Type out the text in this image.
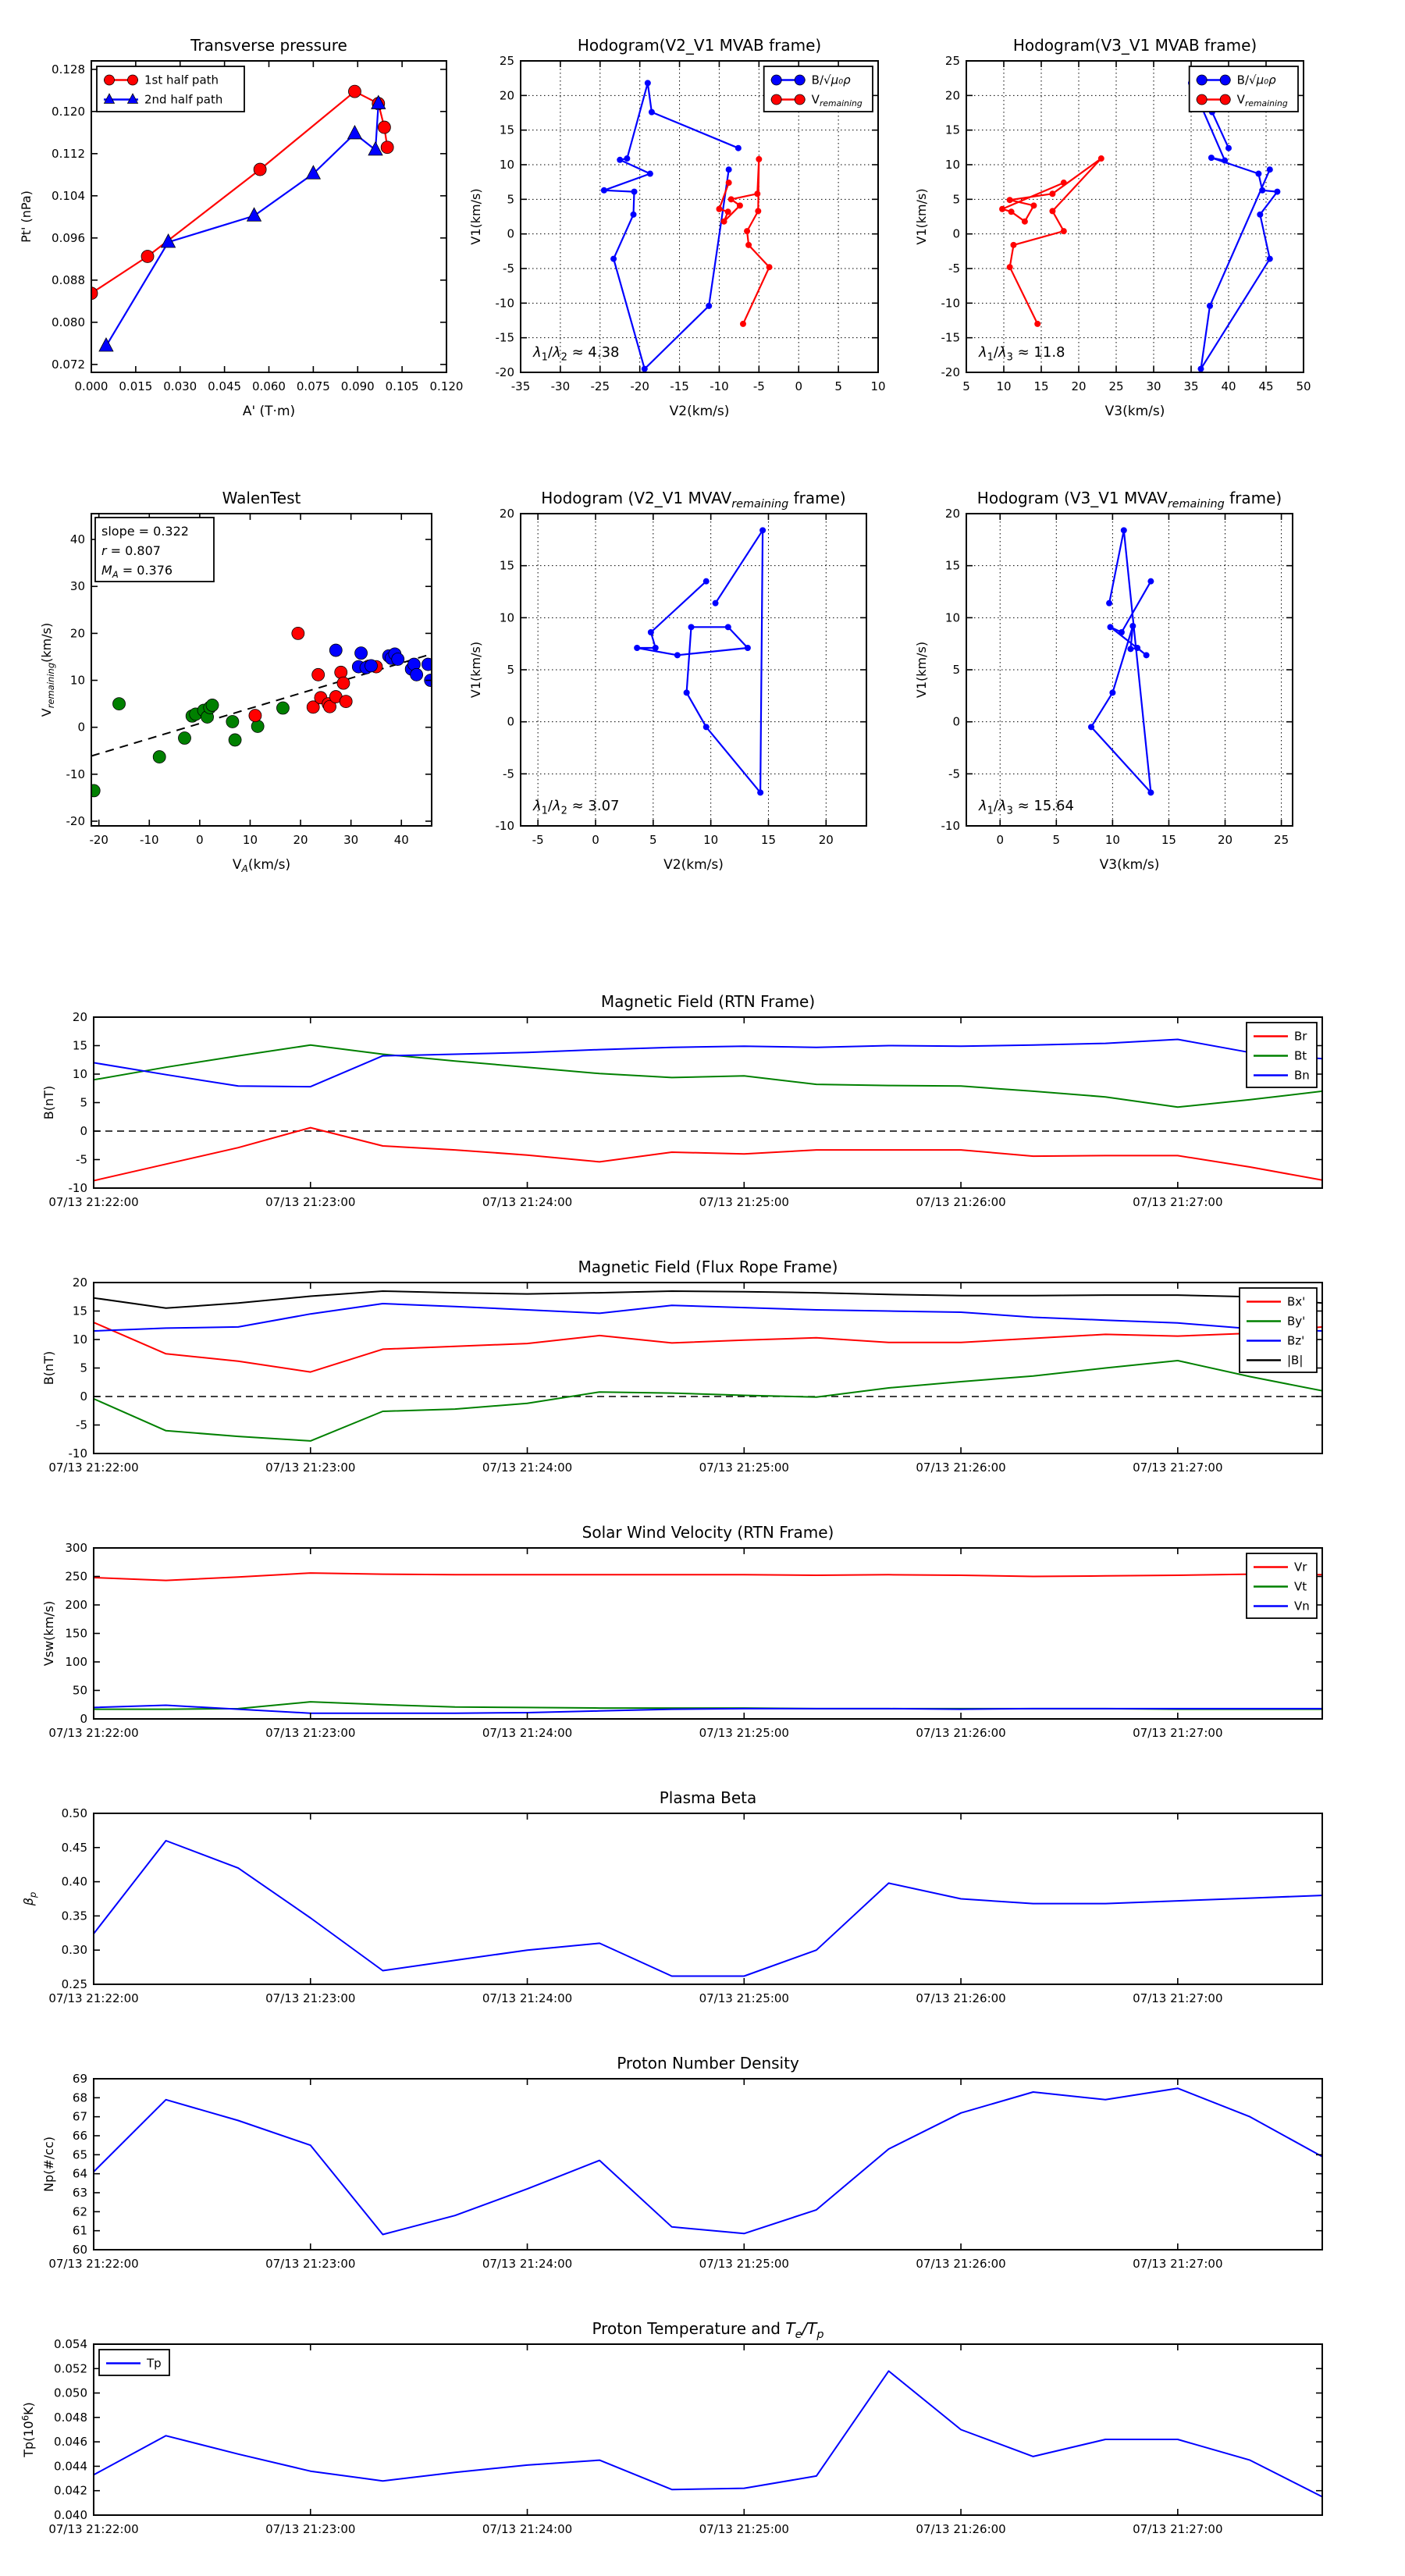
0.000 0.015 0.030 0.045 0.060 0.075 0.090 0.105 0.120
0.072
0.080
0.088
0.096
0.104
0.112
0.120
0.128
Transverse pressure
A' (T·m)
Pt' (nPa)
1st half path
2nd half path
-35 -30 -25 -20 -15 -10 -5	0	5 10
-20
-15
-10
-5
0
5
10
15
20
25
Hodogram(V2_V1 MVAB frame)
V2(km/s)
V1(km/s)
$\lambda_1/\lambda_2 \approx 4.38$
B/√μ₀ρ
$V_{remaining}$
5 10 15 20 25 30 35 40 45 50
-20
-15
-10
-5
0
5
10
15
20
25
Hodogram(V3_V1 MVAB frame)
V3(km/s)
V1(km/s)
$\lambda_1/\lambda_3 \approx 11.8$
B/√μ₀ρ
$V_{remaining}$
-20	-10	0	10	20	30	40
-20
-10
0
10
20
30
40
WalenTest
$V_A(km/s)$
$V_{remaining}(km/s)$
slope = 0.322
r = 0.807
$M_A = 0.376$
-5	0	5	10	15	20
-10
-5
0
5
10
15
20
Hodogram (V2_V1 $MVAV_{remaining}$ frame)
V2(km/s)
V1(km/s)
$\lambda_1/\lambda_2 \approx 3.07$
0	5	10	15	20	25
-10
-5
0
5
10
15
20
Hodogram (V3_V1 $MVAV_{remaining}$ frame)
V3(km/s)
V1(km/s)
$\lambda_1/\lambda_3 \approx 15.64$
07/13 21:22:00	07/13 21:23:00	07/13 21:24:00	07/13 21:25:00	07/13 21:26:00	07/13 21:27:00
-10
-5
0
5
10
15
20
Magnetic Field (RTN Frame)
B(nT)
Br
Bt
Bn
07/13 21:22:00	07/13 21:23:00	07/13 21:24:00	07/13 21:25:00	07/13 21:26:00	07/13 21:27:00
-10
-5
0
5
10
15
20
Magnetic Field (Flux Rope Frame)
B(nT)
Bx'
By'
Bz'
|B|
07/13 21:22:00	07/13 21:23:00	07/13 21:24:00	07/13 21:25:00	07/13 21:26:00	07/13 21:27:00
0
50
100
150
200
250
300
Solar Wind Velocity (RTN Frame)
Vsw(km/s)
Vr
Vt
Vn
07/13 21:22:00	07/13 21:23:00	07/13 21:24:00	07/13 21:25:00	07/13 21:26:00	07/13 21:27:00
0.25
0.30
0.35
0.40
0.45
0.50
Plasma Beta
$\beta_p$
07/13 21:22:00	07/13 21:23:00	07/13 21:24:00	07/13 21:25:00	07/13 21:26:00	07/13 21:27:00
60
61
62
63
64
65
66
67
68
69
Proton Number Density
Np(#/cc)
07/13 21:22:00	07/13 21:23:00	07/13 21:24:00	07/13 21:25:00	07/13 21:26:00	07/13 21:27:00
0.040
0.042
0.044
0.046
0.048
0.050
0.052
0.054
Proton Temperature and $T_e/T_p$
$Tp(10^6K)$
Tp
